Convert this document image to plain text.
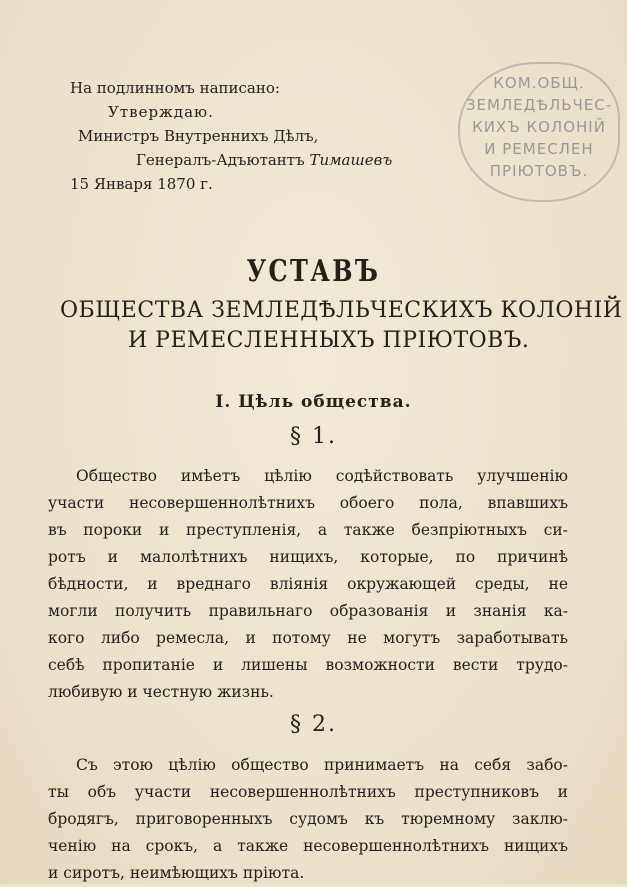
На подлинномъ написано:
Утверждаю.
Министръ Внутреннихъ Дѣлъ,
Генералъ-Адъютантъ Тимашевъ
15 Января 1870 г.
КОМ.ОБЩ.
ЗЕМЛЕДѢЛЬЧЕС-
КИХЪ КОЛОНІЙ
И РЕМЕСЛЕН
ПРІЮТОВЪ.
УСТАВЪ
ОБЩЕСТВА ЗЕМЛЕДѢЛЬЧЕСКИХЪ КОЛОНІЙ
И РЕМЕСЛЕННЫХЪ ПРІЮТОВЪ.
I. Цѣль общества.
§ 1.
Общество имѣетъ цѣлію содѣйствовать улучшенію
участи несовершеннолѣтнихъ обоего пола, впавшихъ
въ пороки и преступленія, а также безпріютныхъ си-
ротъ и малолѣтнихъ нищихъ, которые, по причинѣ
бѣдности, и вреднаго вліянія окружающей среды, не
могли получить правильнаго образованія и знанія ка-
кого либо ремесла, и потому не могутъ заработывать
себѣ пропитаніе и лишены возможности вести трудо-
любивую и честную жизнь.
§ 2.
Съ этою цѣлію общество принимаетъ на себя забо-
ты объ участи несовершеннолѣтнихъ преступниковъ и
бродягъ, приговоренныхъ судомъ къ тюремному заклю-
ченію на срокъ, а также несовершеннолѣтнихъ нищихъ
и сиротъ, неимѣющихъ пріюта.
